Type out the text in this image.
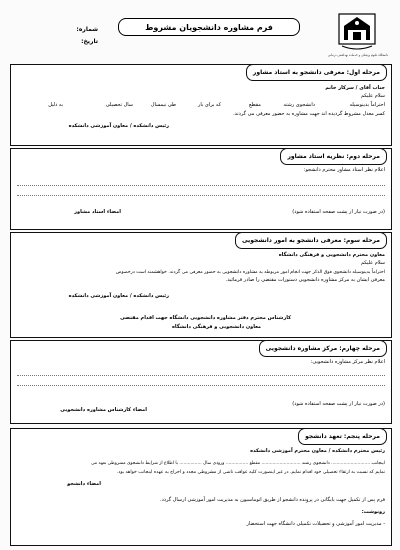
فرم مشاوره دانشجویان مشروط
دانشگاه علوم پزشکی و خدمات بهداشتی درمانی
شماره:
تاریخ:
مرحله اول: معرفی دانشجو به استاد مشاور
جناب آقای / سرکار خانم
سلام علیکم
احتراماً بدینوسیله
دانشجوی رشته
مقطع
که برای بار
طی نیمسال
سال تحصیلی
به دلیل
کسر معدل مشروط گردیده اند جهت مشاوره به حضور معرفی می گردند.
رئیس دانشکده / معاون آموزشی دانشکده
مرحله دوم: نظریه استاد مشاور
اعلام نظر استاد مشاور محترم دانشجو:
(در صورت نیاز از پشت صفحه استفاده شود)
امضاء استاد مشاور
مرحله سوم: معرفی دانشجو به امور دانشجویی
معاون محترم دانشجویی و فرهنگی دانشگاه
سلام علیکم
احتراماً بدینوسیله دانشجوی فوق الذکر جهت انجام امور مربوطه به مشاوره دانشجویی به حضور معرفی می گردند. خواهشمند است درخصوص
معرفی ایشان به مرکز مشاوره دانشجویی دستورات مقتضی را صادر فرمائید.
رئیس دانشکده / معاون آموزشی دانشکده
کارشناس محترم دفتر مشاوره دانشجویی دانشگاه جهت اقدام مقتضی
معاون دانشجویی و فرهنگی دانشگاه
مرحله چهارم: مرکز مشاوره دانشجویی
اعلام نظر مرکز مشاوره دانشجویی:
(در صورت نیاز از پشت صفحه استفاده شود)
امضاء کارشناس مشاوره دانشجویی
مرحله پنجم: تعهد دانشجو
رئیس محترم دانشکده / معاون محترم آموزشی دانشکده
اینجانب ............................ دانشجوی رشته ............................ مقطع ................ ورودی سال ................ با اطلاع از شرایط دانشجوی مشروطی تعهد می
نمایم که نسبت به ارتقاء تحصیلی خود اقدام نمایم. در غیر اینصورت کلیه عواقب ناشی از مشروطی مجدد و اخراج به عهده اینجانب خواهد بود.
امضاء دانشجو
فرم پس از تکمیل جهت بایگانی در پرونده دانشجو از طریق اتوماسیون به مدیریت امور آموزشی ارسال گردد.
رونوشت:
- مدیریت امور آموزشی و تحصیلات تکمیلی دانشگاه جهت استحضار
